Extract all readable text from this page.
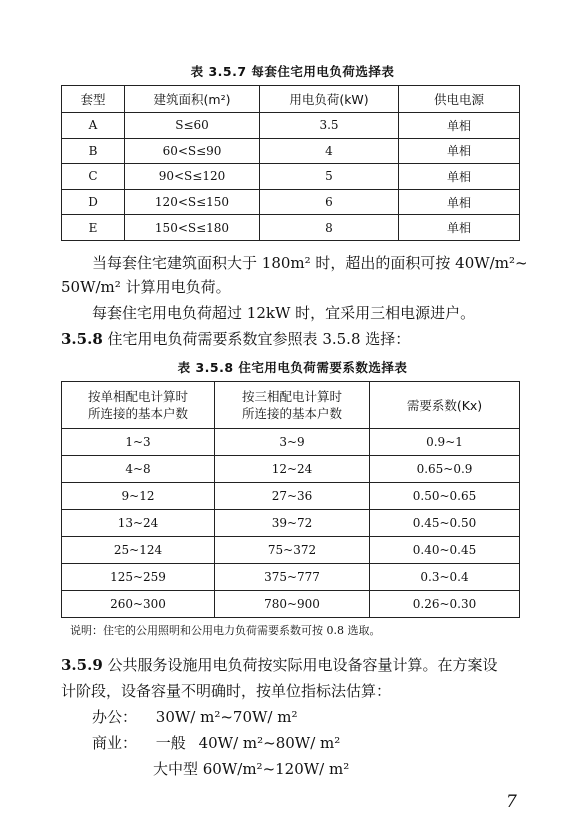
表 3.5.7 每套住宅用电负荷选择表
套型	建筑面积(m²)	用电负荷(kW)	供电电源
A	S≤60	3.5	单相
B	60<S≤90	4	单相
C	90<S≤120	5	单相
D	120<S≤150	6	单相
E	150<S≤180	8	单相
当每套住宅建筑面积大于 180m² 时，超出的面积可按 40W/m²~
50W/m² 计算用电负荷。
每套住宅用电负荷超过 12kW 时，宜采用三相电源进户。
3.5.8 住宅用电负荷需要系数宜参照表 3.5.8 选择：
表 3.5.8 住宅用电负荷需要系数选择表
按单相配电计算时
所连接的基本户数	按三相配电计算时
所连接的基本户数	需要系数(Kx)
1~3	3~9	0.9~1
4~8	12~24	0.65~0.9
9~12	27~36	0.50~0.65
13~24	39~72	0.45~0.50
25~124	75~372	0.40~0.45
125~259	375~777	0.3~0.4
260~300	780~900	0.26~0.30
说明：住宅的公用照明和公用电力负荷需要系数可按 0.8 选取。
3.5.9 公共服务设施用电负荷按实际用电设备容量计算。在方案设
计阶段，设备容量不明确时，按单位指标法估算：
办公： 30W/ m²~70W/ m²
商业： 一般 40W/ m²~80W/ m²
大中型 60W/m²~120W/ m²
7
